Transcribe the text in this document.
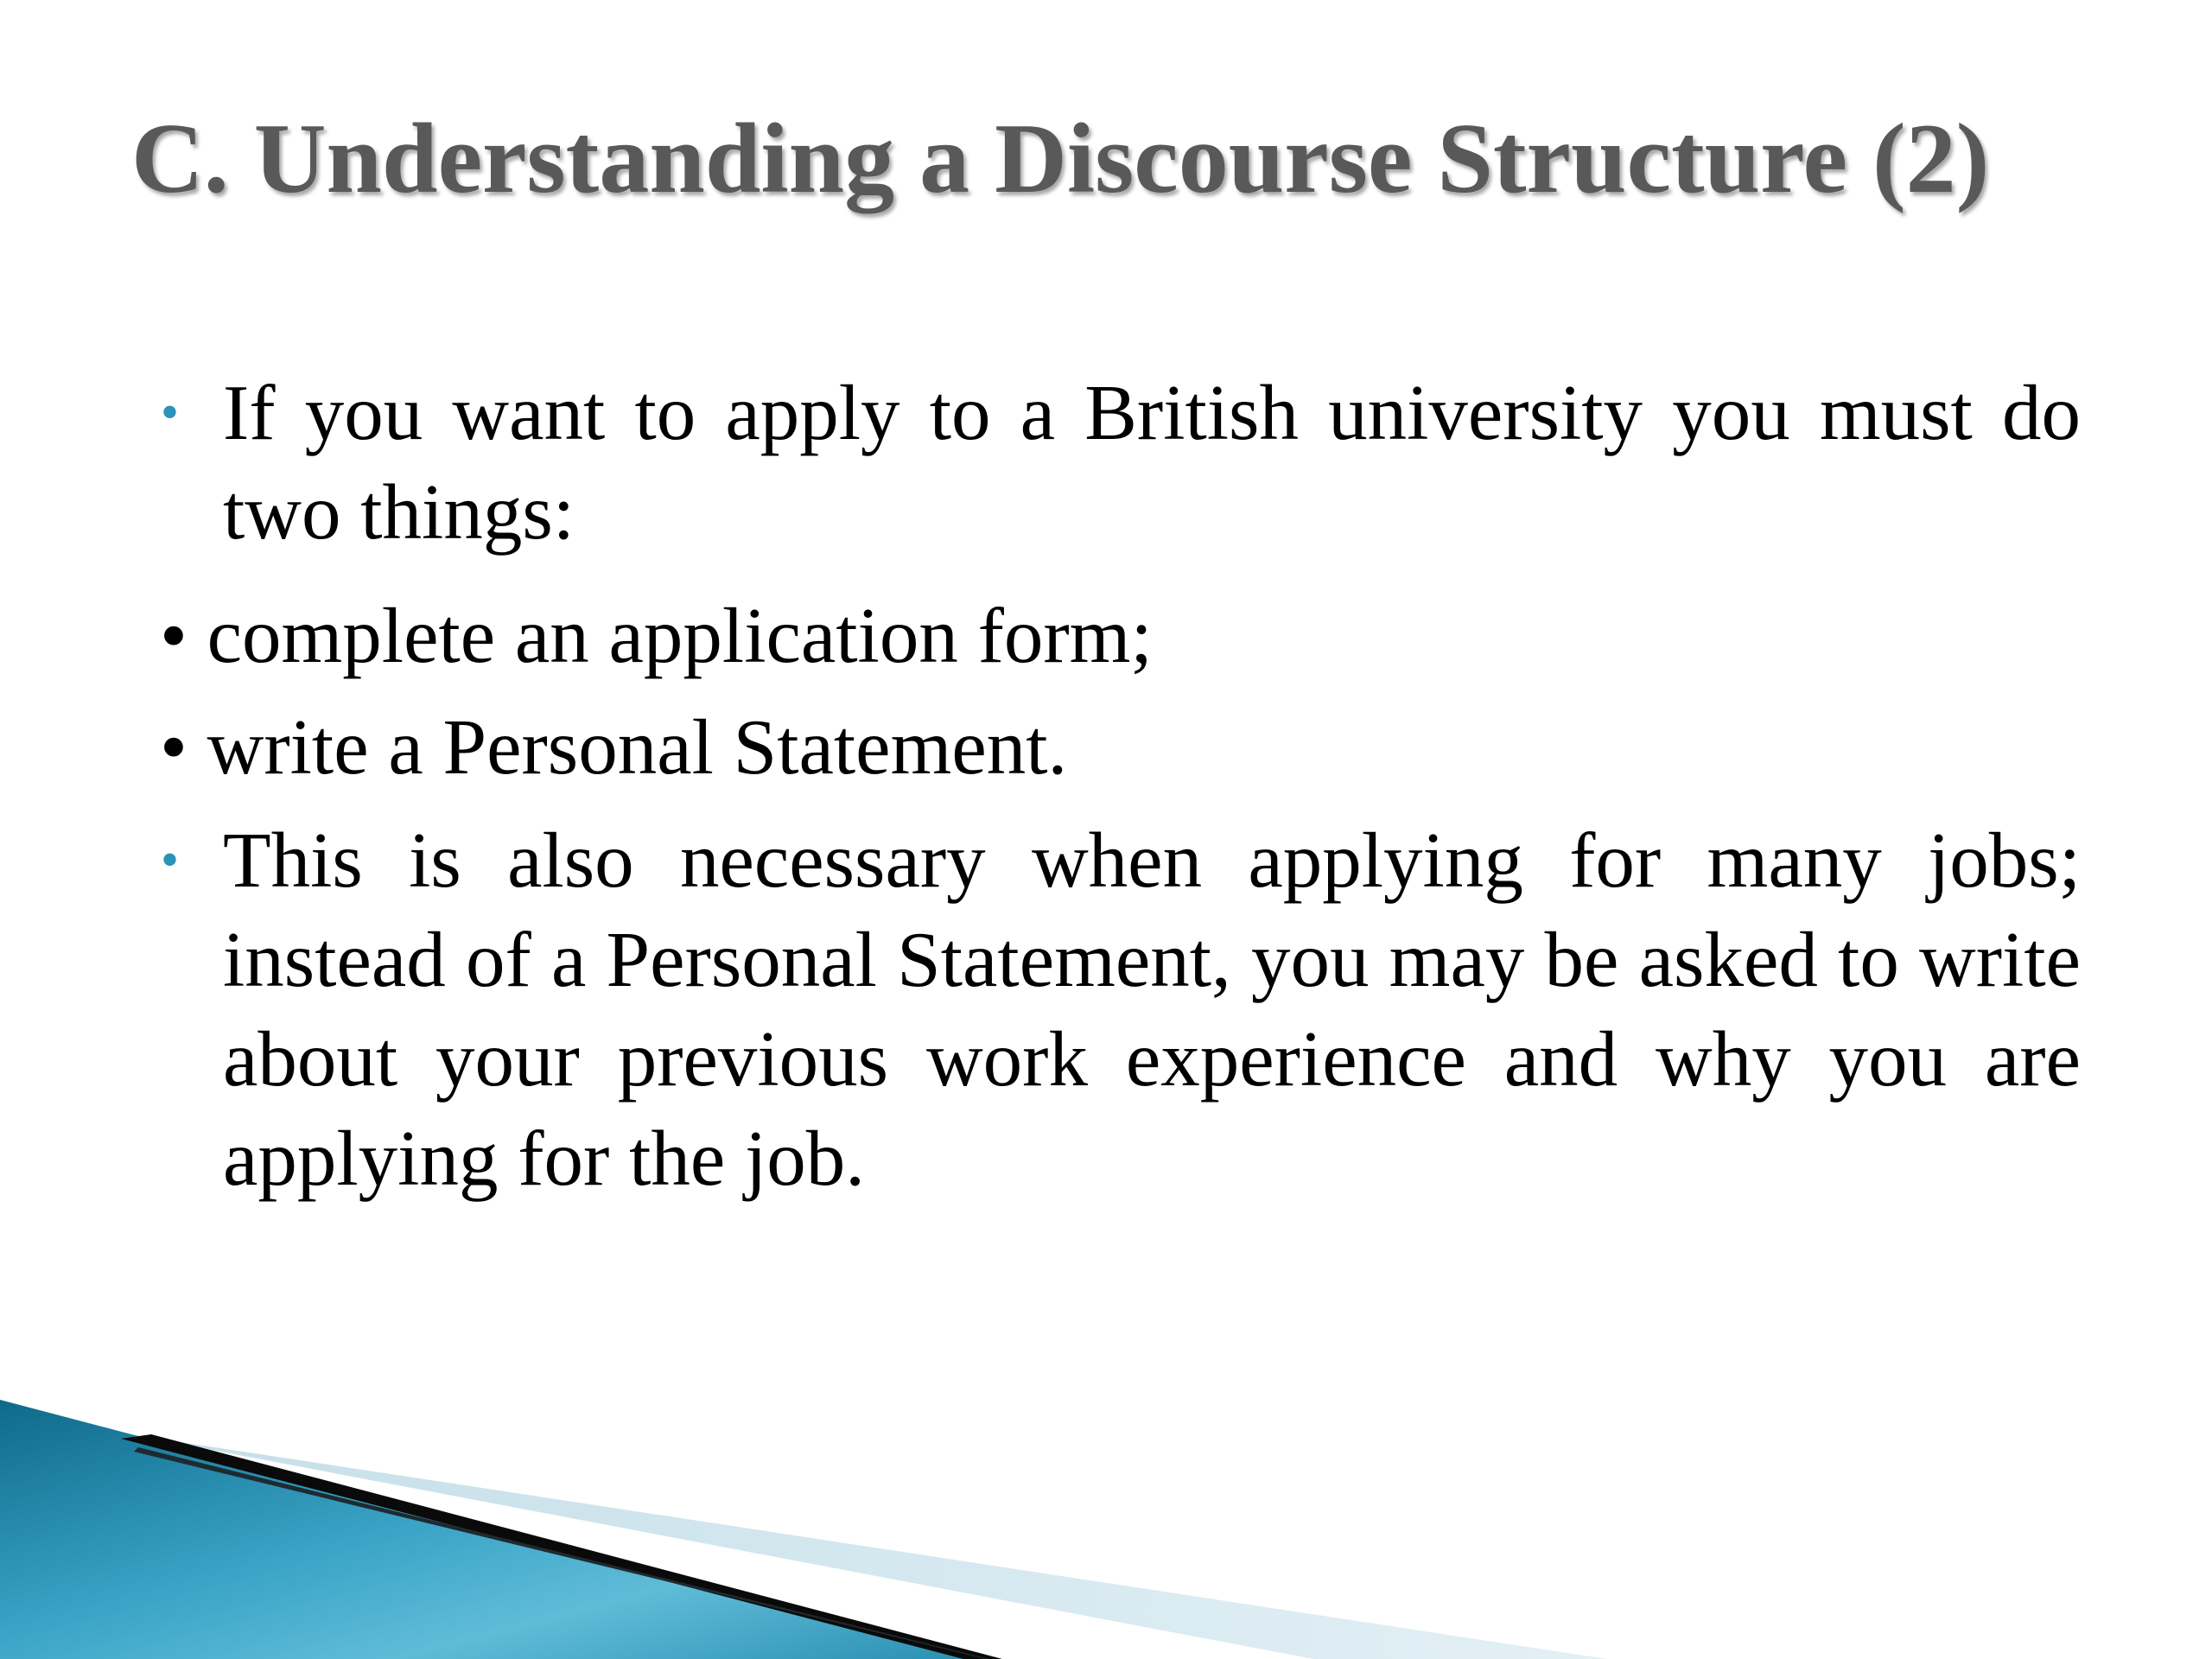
C. Understanding a Discourse Structure (2)
• If you want to apply to a British university you must do two things:

• complete an application form;

• write a Personal Statement.

• This is also necessary when applying for many jobs; instead of a Personal Statement, you may be asked to write about your previous work experience and why you are applying for the job.
